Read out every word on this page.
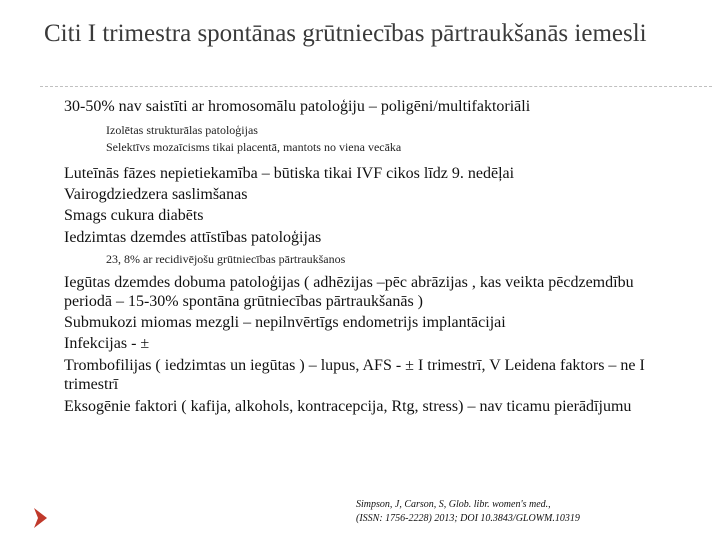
Citi I trimestra spontānas grūtniecības pārtraukšanās iemesli
30-50% nav saistīti ar hromosomālu patoloģiju – poligēni/multifaktoriāli
Izolētas strukturālas patoloģijas
Selektīvs mozaīcisms tikai placentā, mantots no viena vecāka
Luteīnās fāzes nepietiekamība – būtiska tikai IVF cikos līdz 9. nedēļai
Vairogdziedzera saslimšanas
Smags cukura diabēts
Iedzimtas dzemdes attīstības patoloģijas
23, 8% ar recidivējošu grūtniecības pārtraukšanos
Iegūtas dzemdes dobuma patoloģijas ( adhēzijas –pēc abrāzijas , kas veikta pēcdzemdību periodā – 15-30% spontāna grūtniecības pārtraukšanās )
Submukozi miomas mezgli – nepilnvērtīgs endometrijs implantācijai
Infekcijas - ±
Trombofilijas ( iedzimtas un iegūtas ) – lupus, AFS - ± I trimestrī, V Leidena faktors – ne I trimestrī
Eksogēnie faktori ( kafija, alkohols, kontracepcija, Rtg, stress) – nav ticamu pierādījumu
Simpson, J, Carson, S, Glob. libr. women's med.,
(ISSN: 1756-2228) 2013; DOI 10.3843/GLOWM.10319
